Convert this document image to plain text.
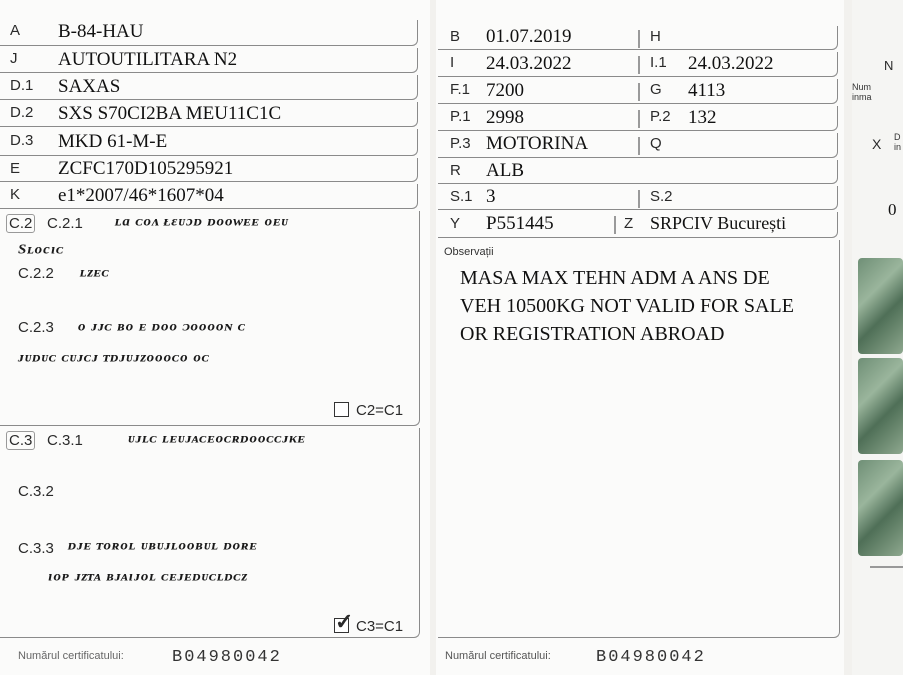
A B-84-HAU
J AUTOUTILITARA N2
D.1 SAXAS
D.2 SXS S70CI2BA MEU11C1C
D.3 MKD 61-M-E
E ZCFC170D105295921
K e1*2007/46*1607*04
C.2 C.2.1 ʟa ᴄoᴧ ᴌɛᴜɔᴅ ᴅᴏᴏᴡᴇᴇ ᴏᴇᴜ
Sʟocɪᴄ
C.2.2 ʟᴢᴇᴄ
C.2.3 ᴏ ᴊᴊᴄ ʙᴏ ᴇ ᴅᴏᴏ ᴐᴏᴏᴏᴏɴ ᴄ
ᴊᴜᴅᴜᴄ ᴄᴜᴊᴄᴊ ᴛᴅᴊᴜᴊᴢᴏᴏᴏᴄᴏ ᴏᴄ
C2=C1
C.3 C.3.1	ᴜᴊʟᴄ ʟᴇᴜᴊᴀᴄᴇᴏᴄʀᴅᴏᴏᴄᴄᴊᴋᴇ
C.3.2
C.3.3 ᴅᴊᴇ ᴛᴏʀᴏʟ ᴜʙᴜᴊʟᴏᴏʙᴜʟ ᴅᴏʀᴇ
ɪᴏᴘ ᴊᴢᴛᴀ ʙᴊᴀɪᴊᴏʟ ᴄᴇᴊᴇᴅᴜᴄʟᴅᴄᴢ
✓ C3=C1
Numărul certificatului:	B04980042
B 01.07.2019	H
I 24.03.2022	I.1 24.03.2022
F.1 7200	G 4113
P.1 2998	P.2 132
P.3 MOTORINA	Q
R ALB
S.1 3	S.2
Y P551445	Z SRPCIV București
Observații
MASA MAX TEHN ADM A ANS DE
VEH 10500KG NOT VALID FOR SALE
OR REGISTRATION ABROAD
Numărul certificatului:	B04980042
N
Num
inma
X D
in
0
